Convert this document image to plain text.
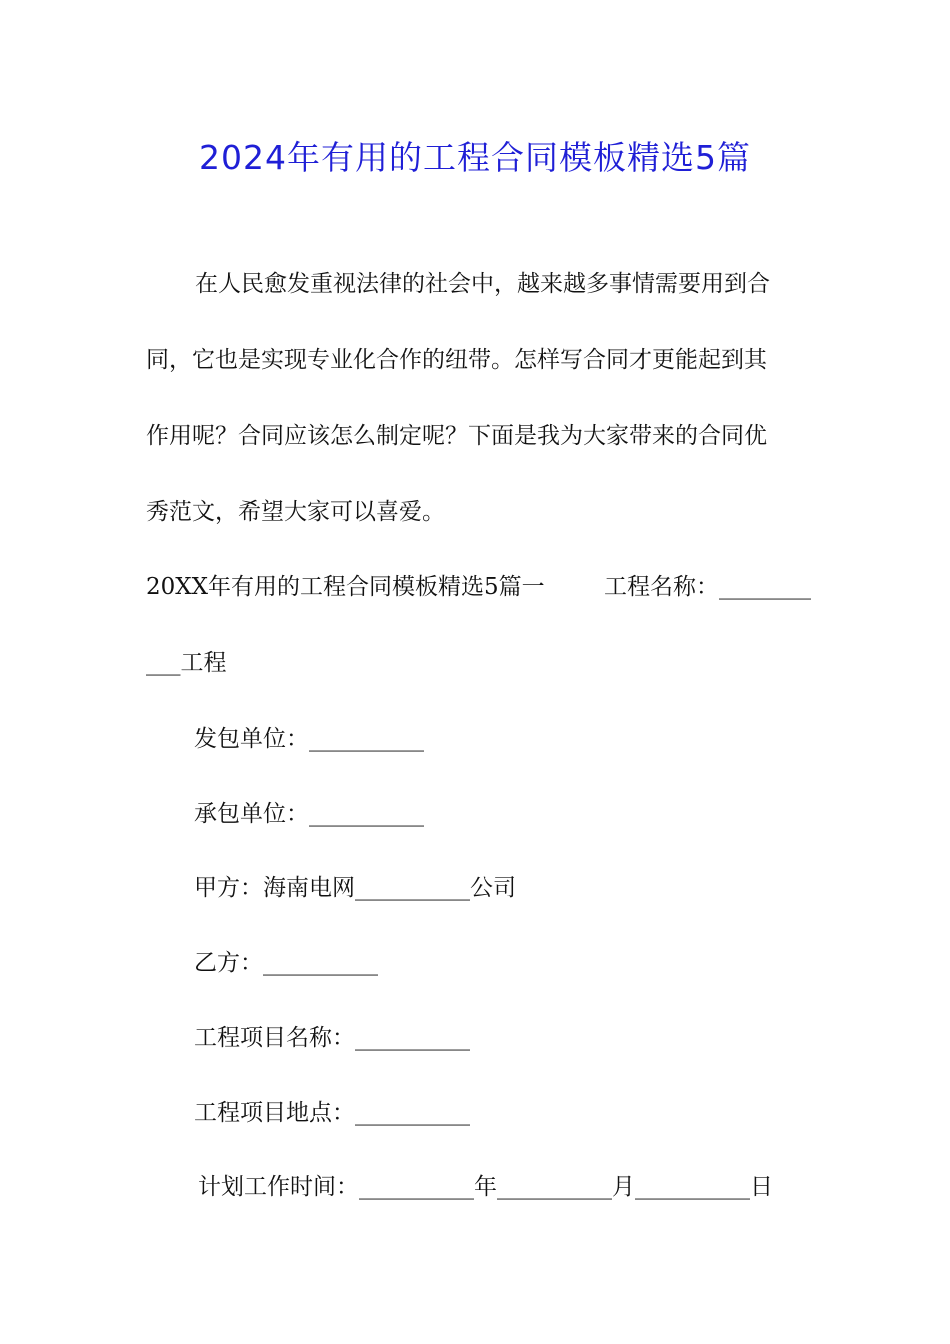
2024年有用的工程合同模板精选5篇
在人民愈发重视法律的社会中，越来越多事情需要用到合
同，它也是实现专业化合作的纽带。怎样写合同才更能起到其
作用呢？合同应该怎么制定呢？下面是我为大家带来的合同优
秀范文，希望大家可以喜爱。
20XX年有用的工程合同模板精选5篇一	工程名称：________
___工程
发包单位：__________
承包单位：__________
甲方：海南电网__________公司
乙方：__________
工程项目名称：__________
工程项目地点：__________
计划工作时间：__________年__________月__________日
